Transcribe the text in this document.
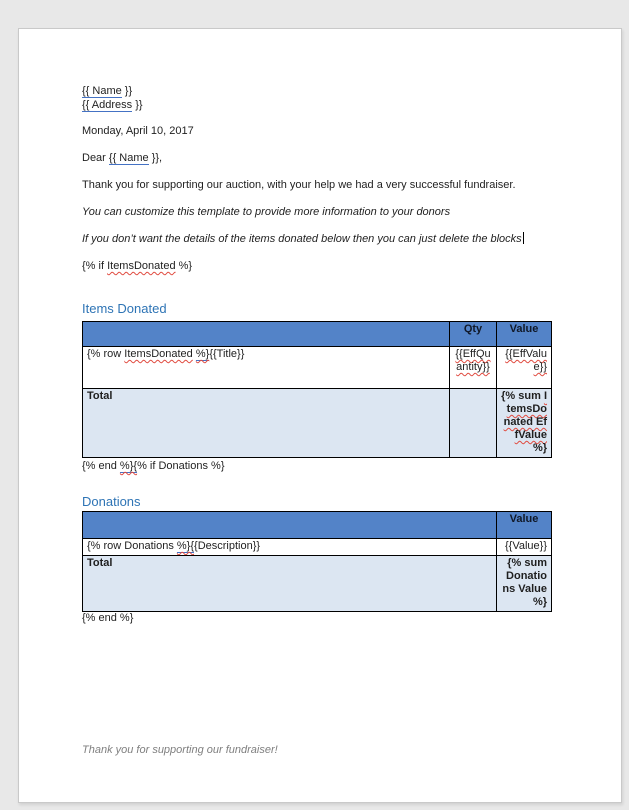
{{ Name }}
{{ Address }}
Monday, April 10, 2017
Dear {{ Name }},
Thank you for supporting our auction, with your help we had a very successful fundraiser.
You can customize this template to provide more information to your donors
If you don’t want the details of the items donated below then you can just delete the blocks
{% if ItemsDonated %}
Items Donated
	Qty	Value
{% row ItemsDonated %}{{Title}}	{{EffQuantity}}	{{EffValue}}
Total		{% sum ItemsDonated EffValue %}
{% end %}{% if Donations %}
Donations
	Value
{% row Donations %}{{Description}}	{{Value}}
Total	{% sum Donations Value %}
{% end %}
Thank you for supporting our fundraiser!
